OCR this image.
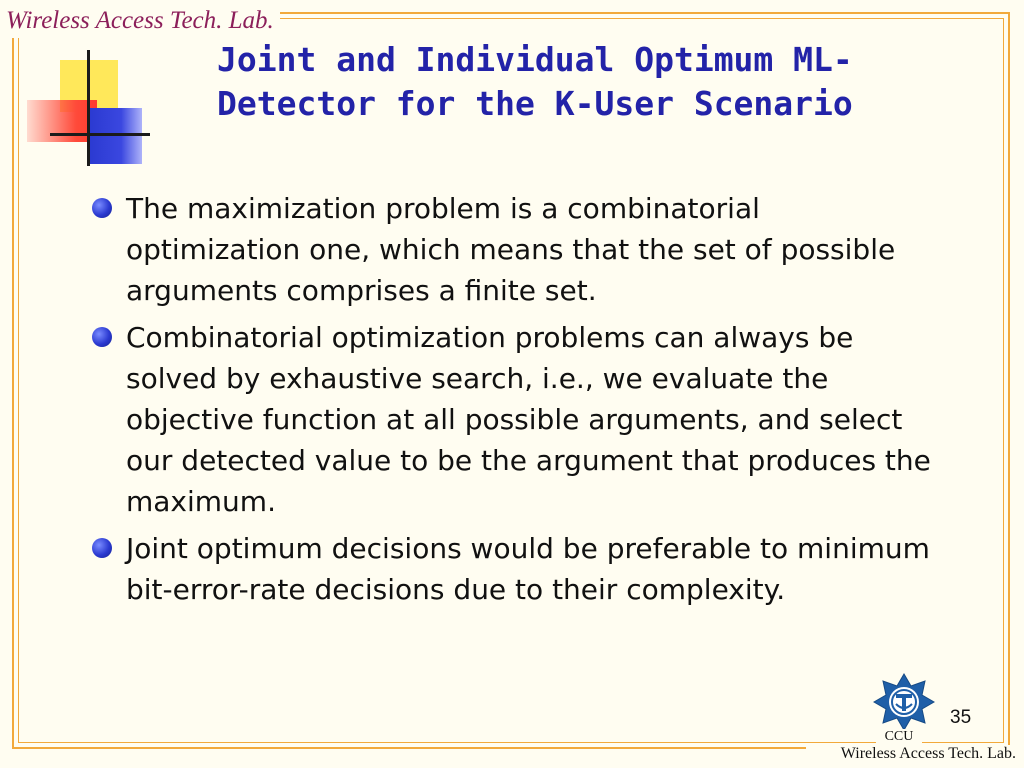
Wireless Access Tech. Lab.
Joint and Individual Optimum ML-
Detector for the K-User Scenario
The maximization problem is a combinatorial optimization one, which means that the set of possible arguments comprises a finite set.
Combinatorial optimization problems can always be solved by exhaustive search, i.e., we evaluate the objective function at all possible arguments, and select our detected value to be the argument that produces the maximum.
Joint optimum decisions would be preferable to minimum bit-error-rate decisions due to their complexity.
35
CCU
Wireless Access Tech. Lab.
